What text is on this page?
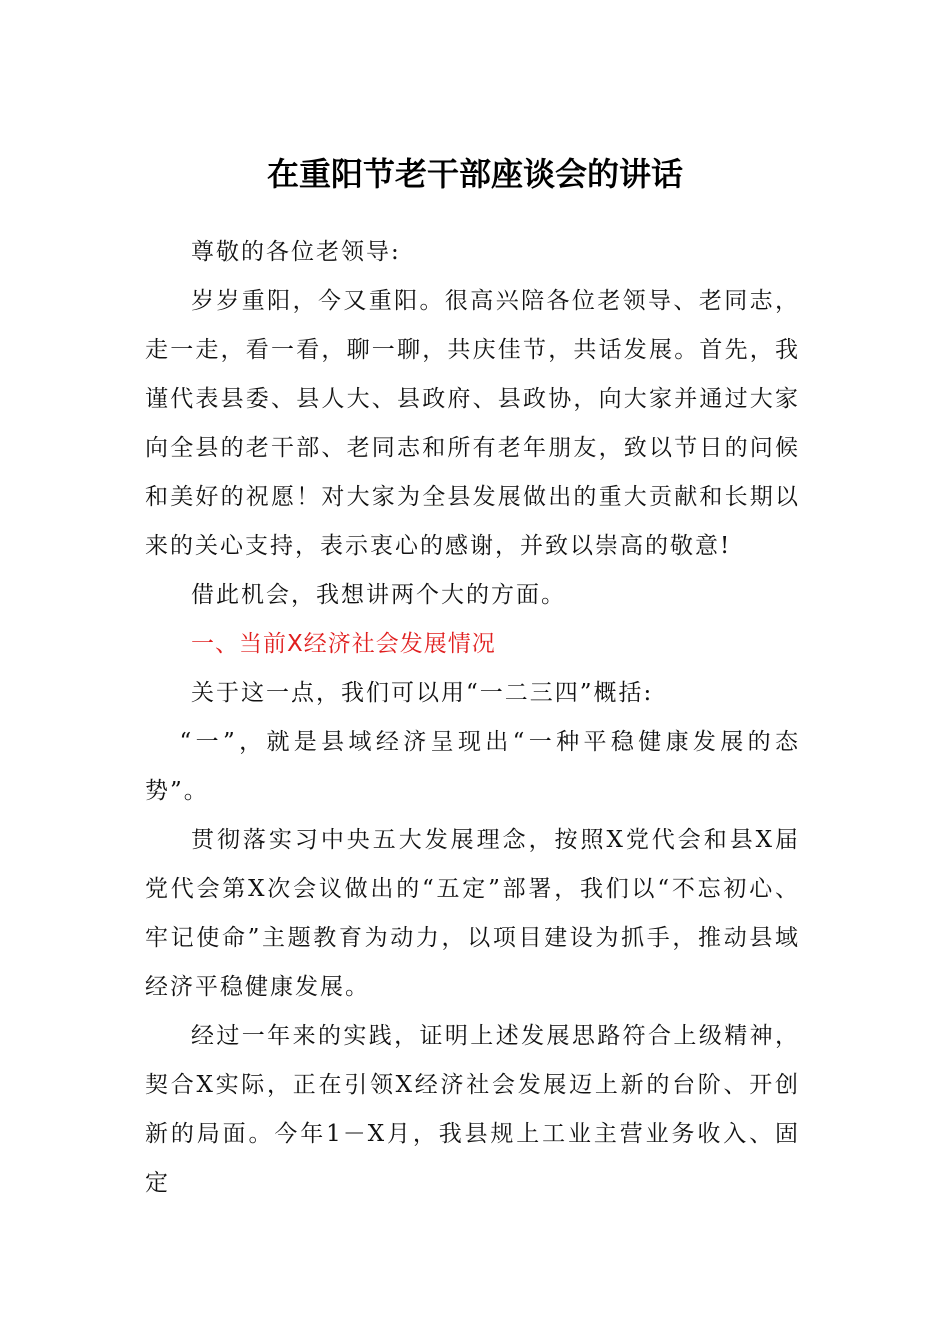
在重阳节老干部座谈会的讲话

尊敬的各位老领导:

岁岁重阳，今又重阳。很高兴陪各位老领导、老同志，走一走，看一看，聊一聊，共庆佳节，共话发展。首先，我谨代表县委、县人大、县政府、县政协，向大家并通过大家向全县的老干部、老同志和所有老年朋友，致以节日的问候和美好的祝愿！对大家为全县发展做出的重大贡献和长期以来的关心支持，表示衷心的感谢，并致以崇高的敬意!

借此机会，我想讲两个大的方面。

一、当前X经济社会发展情况

关于这一点，我们可以用“一二三四”概括:

“一”，就是县域经济呈现出“一种平稳健康发展的态势”。

贯彻落实习中央五大发展理念，按照X党代会和县X届党代会第X次会议做出的“五定”部署，我们以“不忘初心、牢记使命”主题教育为动力，以项目建设为抓手，推动县域经济平稳健康发展。

经过一年来的实践，证明上述发展思路符合上级精神，契合X实际，正在引领X经济社会发展迈上新的台阶、开创新的局面。今年1－X月，我县规上工业主营业务收入、固定
